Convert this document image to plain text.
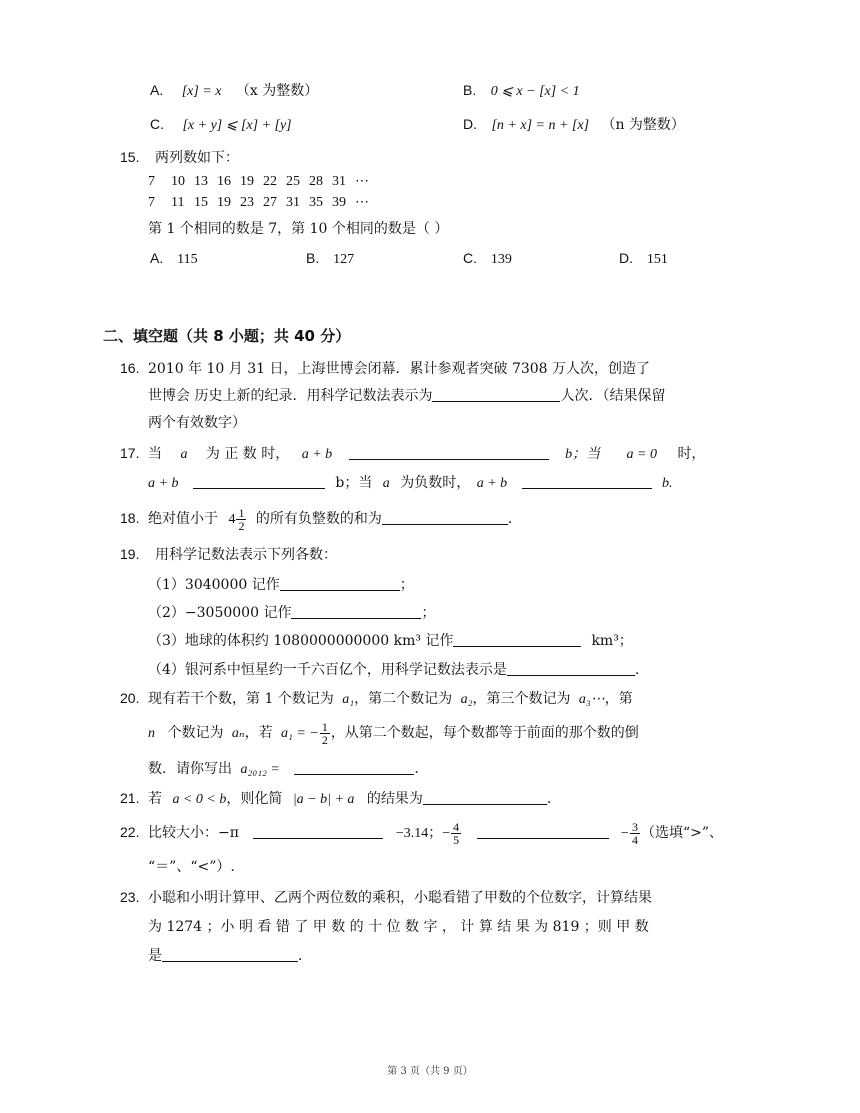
A. [x] = x （x 为整数）	B. 0 ⩽ x − [x] < 1
C. [x + y] ⩽ [x] + [y]	D. [n + x] = n + [x] （n 为整数）
15. 两列数如下：
7 10 13 16 19 22 25 28 31 ⋯
7 11 15 19 23 27 31 35 39 ⋯
第 1 个相同的数是 7，第 10 个相同的数是（ ）
A. 115	B. 127	C. 139	D. 151
二、填空题（共 8 小题；共 40 分）
16. 2010 年 10 月 31 日，上海世博会闭幕．累计参观者突破 7308 万人次，创造了
世博会 历史上新的纪录．用科学记数法表示为	人次．（结果保留
两个有效数字）
17. 当 a 为 正 数 时， a + b	b；当 a = 0 时，
a + b	b；当 a 为负数时， a + b	b.
18. 绝对值小于 $4 \frac{1}{2}$ 的所有负整数的和为	.
19. 用科学记数法表示下列各数：
（1）3040000 记作	；
（2）−3050000 记作	；
（3）地球的体积约 1080000000000 km³ 记作	km³；
（4）银河系中恒星约一千六百亿个，用科学记数法表示是	.
20. 现有若干个数，第 1 个数记为 a₁，第二个数记为 a₂，第三个数记为 a₃⋯，第
n 个数记为 aₙ，若 a₁ = − $\frac{1}{2}$ ，从第二个数起，每个数都等于前面的那个数的倒
数．请你写出 a₂₀₁₂ =	.
21. 若 a < 0 < b，则化简 |a − b| + a 的结果为	.
22. 比较大小：−π	−3.14；− $\frac{4}{5}$	− $\frac{3}{4}$ （选填“>”、
“＝”、“<”）.
23. 小聪和小明计算甲、乙两个两位数的乘积，小聪看错了甲数的个位数字，计算结果
为 1274 ；小 明 看 错 了 甲 数 的 十 位 数 字 ， 计 算 结 果 为 819 ；则 甲 数
是	.
第 3 页（共 9 页）
